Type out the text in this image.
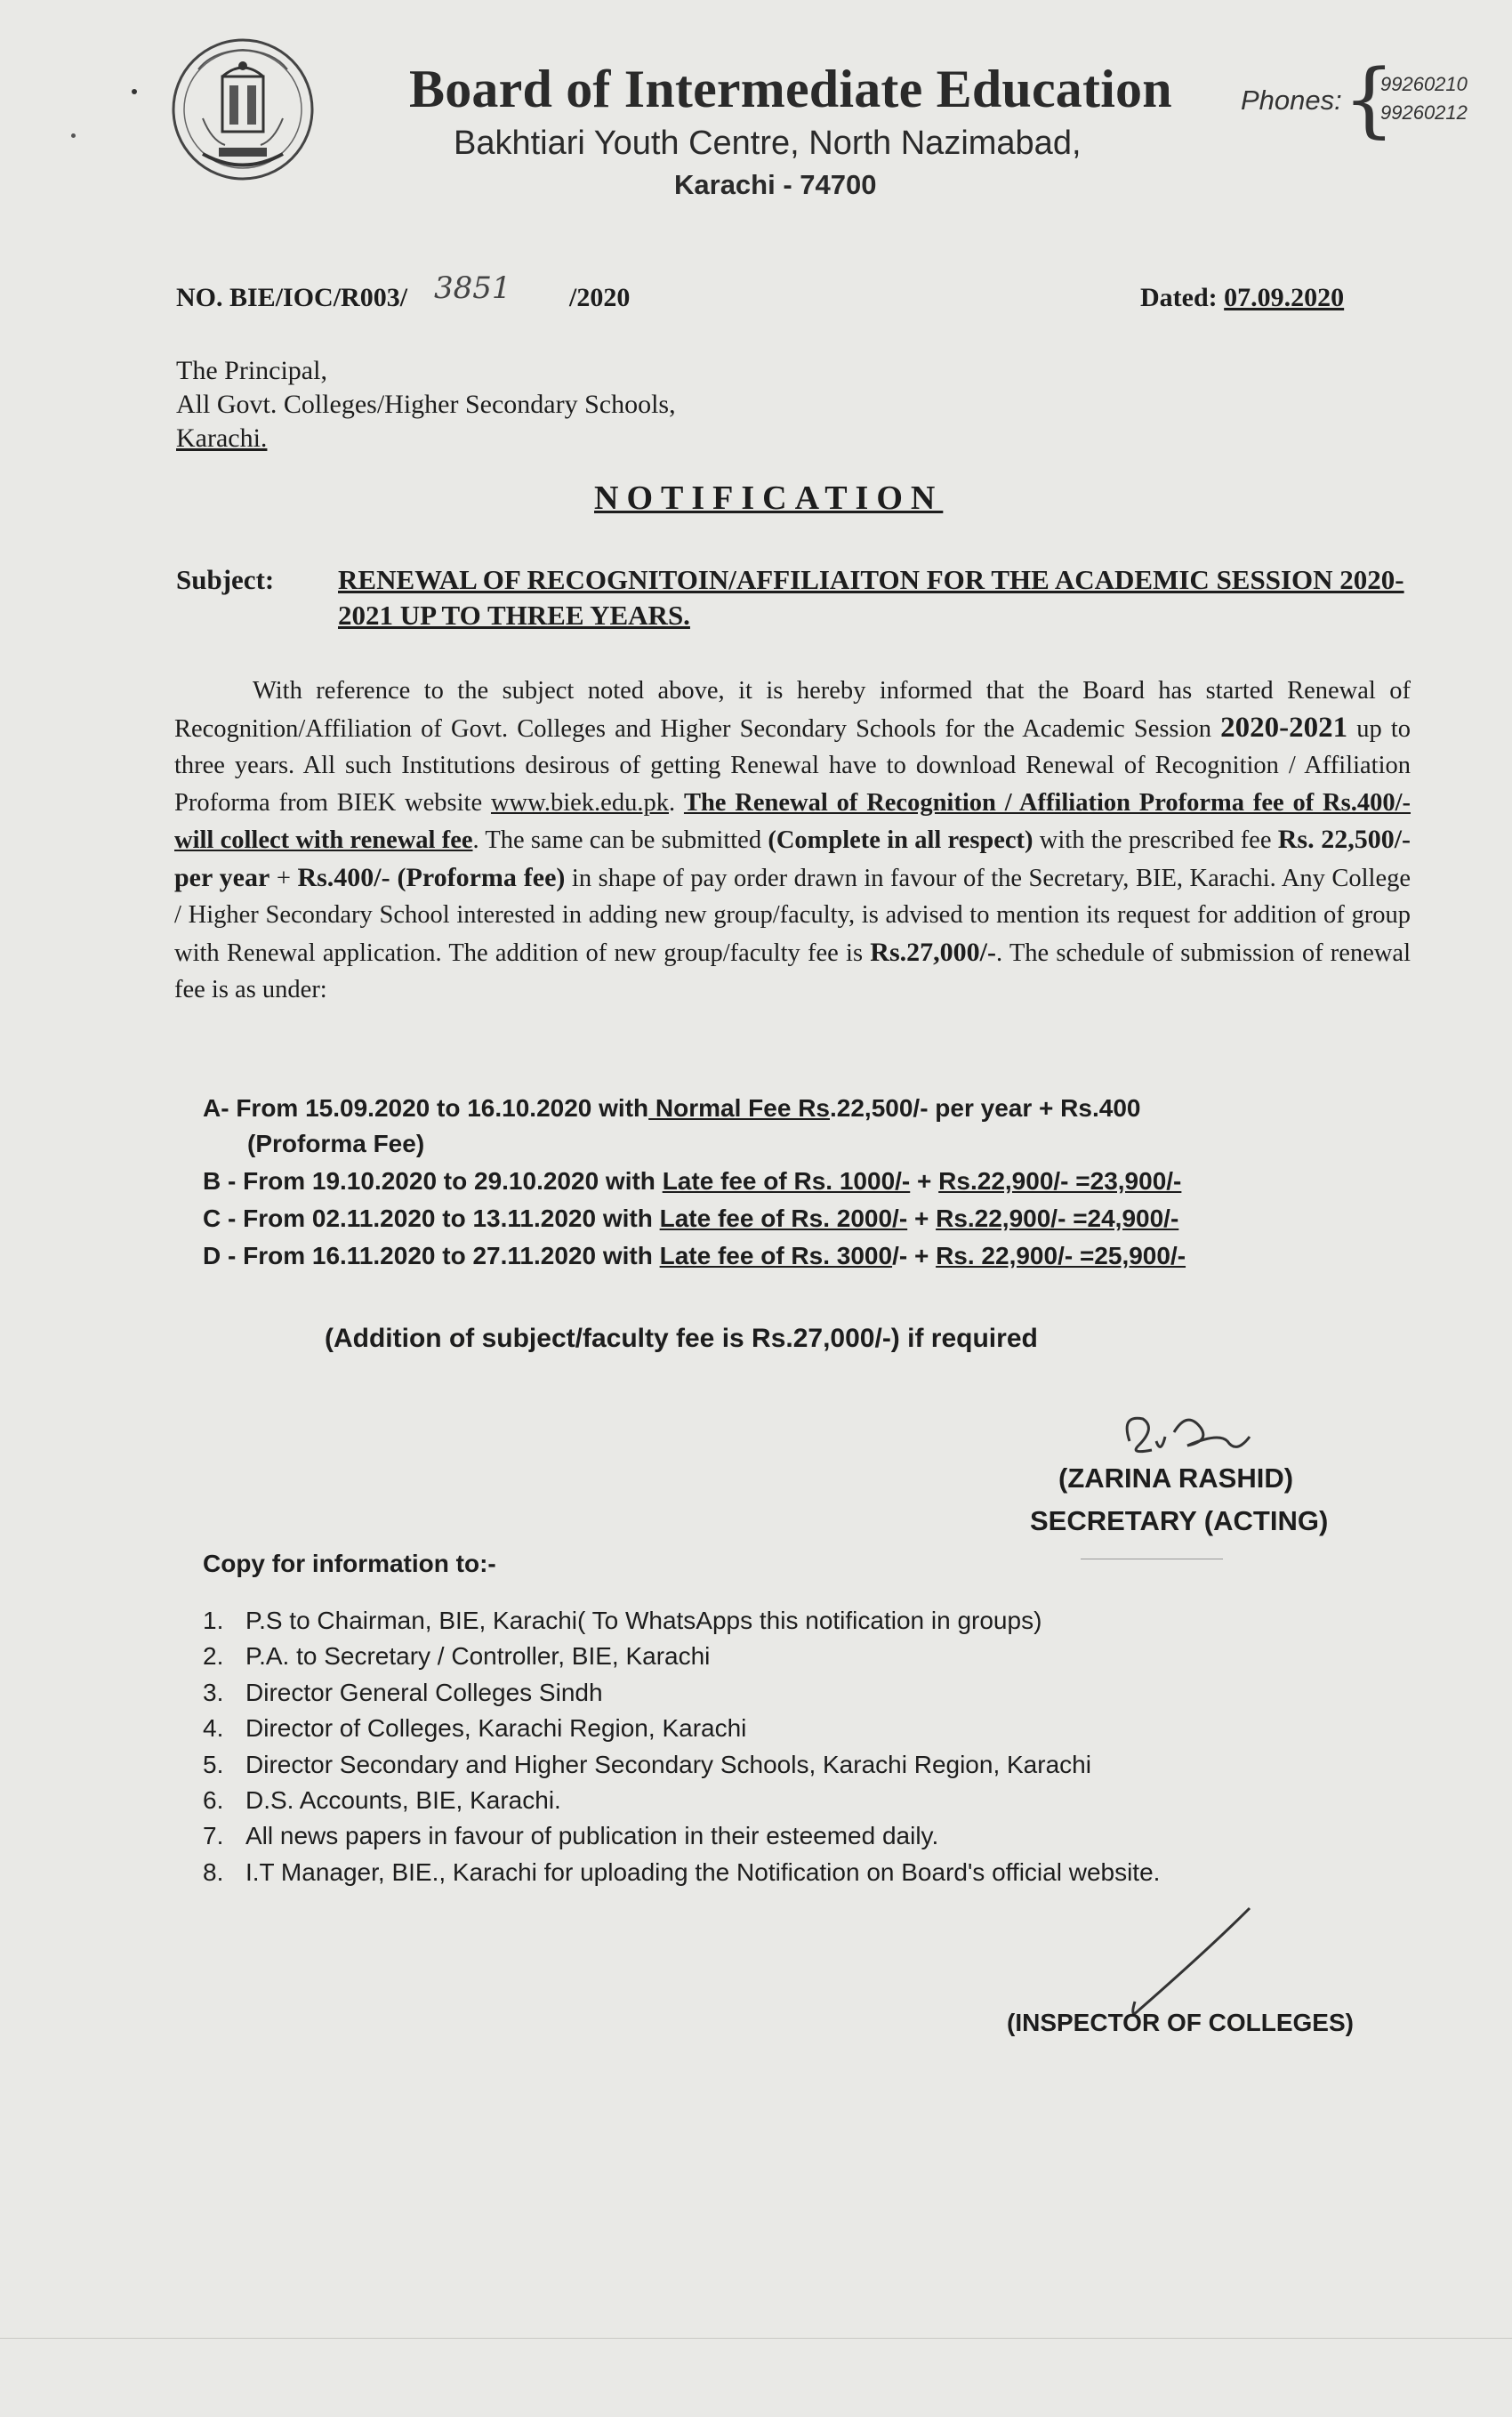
Board of Intermediate Education
Bakhtiari Youth Centre, North Nazimabad,
Karachi - 74700
Phones: {
99260210
99260212
NO. BIE/IOC/R003/ 3851 /2020	Dated: 07.09.2020
The Principal,
All Govt. Colleges/Higher Secondary Schools,
Karachi.
NOTIFICATION
Subject: RENEWAL OF RECOGNITOIN/AFFILIAITON FOR THE ACADEMIC SESSION 2020-2021 UP TO THREE YEARS.
With reference to the subject noted above, it is hereby informed that the Board has started Renewal of Recognition/Affiliation of Govt. Colleges and Higher Secondary Schools for the Academic Session 2020-2021 up to three years. All such Institutions desirous of getting Renewal have to download Renewal of Recognition / Affiliation Proforma from BIEK website www.biek.edu.pk. The Renewal of Recognition / Affiliation Proforma fee of Rs.400/- will collect with renewal fee. The same can be submitted (Complete in all respect) with the prescribed fee Rs. 22,500/- per year + Rs.400/- (Proforma fee) in shape of pay order drawn in favour of the Secretary, BIE, Karachi. Any College / Higher Secondary School interested in adding new group/faculty, is advised to mention its request for addition of group with Renewal application. The addition of new group/faculty fee is Rs.27,000/-. The schedule of submission of renewal fee is as under:
A- From 15.09.2020 to 16.10.2020 with Normal Fee Rs.22,500/- per year + Rs.400
(Proforma Fee)
B - From 19.10.2020 to 29.10.2020 with Late fee of Rs. 1000/- + Rs.22,900/- =23,900/-
C - From 02.11.2020 to 13.11.2020 with Late fee of Rs. 2000/- + Rs.22,900/- =24,900/-
D - From 16.11.2020 to 27.11.2020 with Late fee of Rs. 3000/- + Rs. 22,900/- =25,900/-
(Addition of subject/faculty fee is Rs.27,000/-) if required
(ZARINA RASHID)
SECRETARY (ACTING)
Copy for information to:-
1. P.S to Chairman, BIE, Karachi( To WhatsApps this notification in groups)
2. P.A. to Secretary / Controller, BIE, Karachi
3. Director General Colleges Sindh
4. Director of Colleges, Karachi Region, Karachi
5. Director Secondary and Higher Secondary Schools, Karachi Region, Karachi
6. D.S. Accounts, BIE, Karachi.
7. All news papers in favour of publication in their esteemed daily.
8. I.T Manager, BIE., Karachi for uploading the Notification on Board's official website.
(INSPECTOR OF COLLEGES)
